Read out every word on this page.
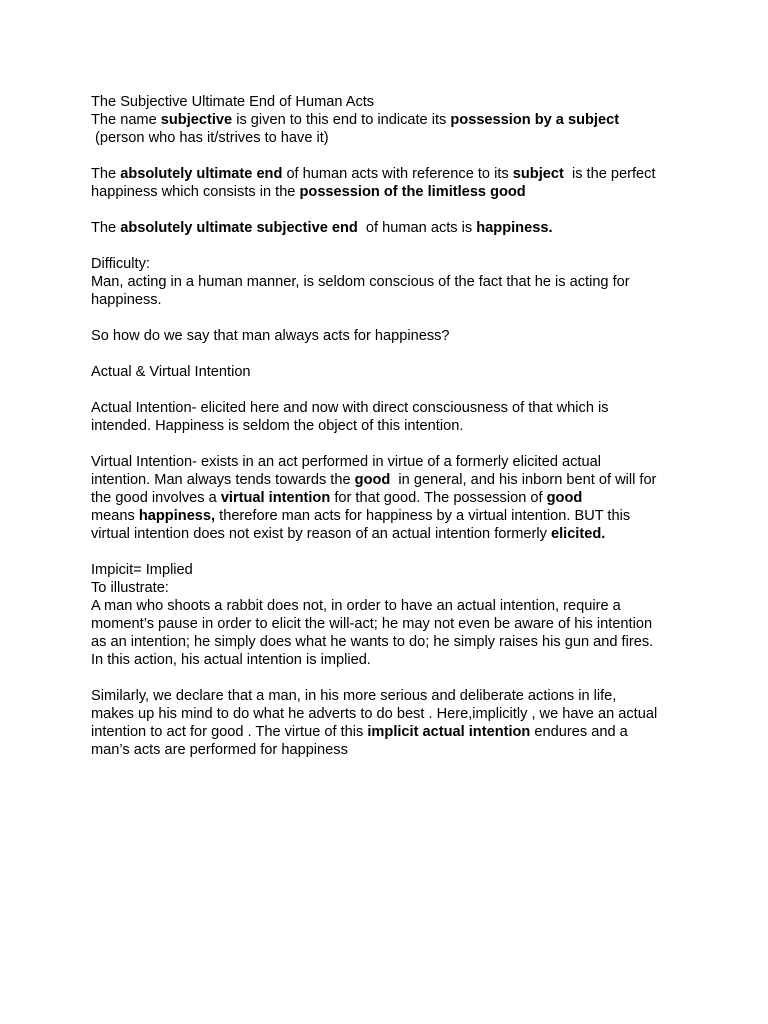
The Subjective Ultimate End of Human Acts
The name subjective is given to this end to indicate its possession by a subject
(person who has it/strives to have it)
The absolutely ultimate end of human acts with reference to its subject  is the perfect
happiness which consists in the possession of the limitless good
The absolutely ultimate subjective end  of human acts is happiness.
Difficulty:
Man, acting in a human manner, is seldom conscious of the fact that he is acting for
happiness.
So how do we say that man always acts for happiness?
Actual & Virtual Intention
Actual Intention- elicited here and now with direct consciousness of that which is
intended. Happiness is seldom the object of this intention.
Virtual Intention- exists in an act performed in virtue of a formerly elicited actual
intention. Man always tends towards the good  in general, and his inborn bent of will for
the good involves a virtual intention for that good. The possession of good
means happiness, therefore man acts for happiness by a virtual intention. BUT this
virtual intention does not exist by reason of an actual intention formerly elicited.
Impicit= Implied
To illustrate:
A man who shoots a rabbit does not, in order to have an actual intention, require a
moment’s pause in order to elicit the will-act; he may not even be aware of his intention
as an intention; he simply does what he wants to do; he simply raises his gun and fires.
In this action, his actual intention is implied.
Similarly, we declare that a man, in his more serious and deliberate actions in life,
makes up his mind to do what he adverts to do best . Here,implicitly , we have an actual
intention to act for good . The virtue of this implicit actual intention endures and a
man’s acts are performed for happiness
